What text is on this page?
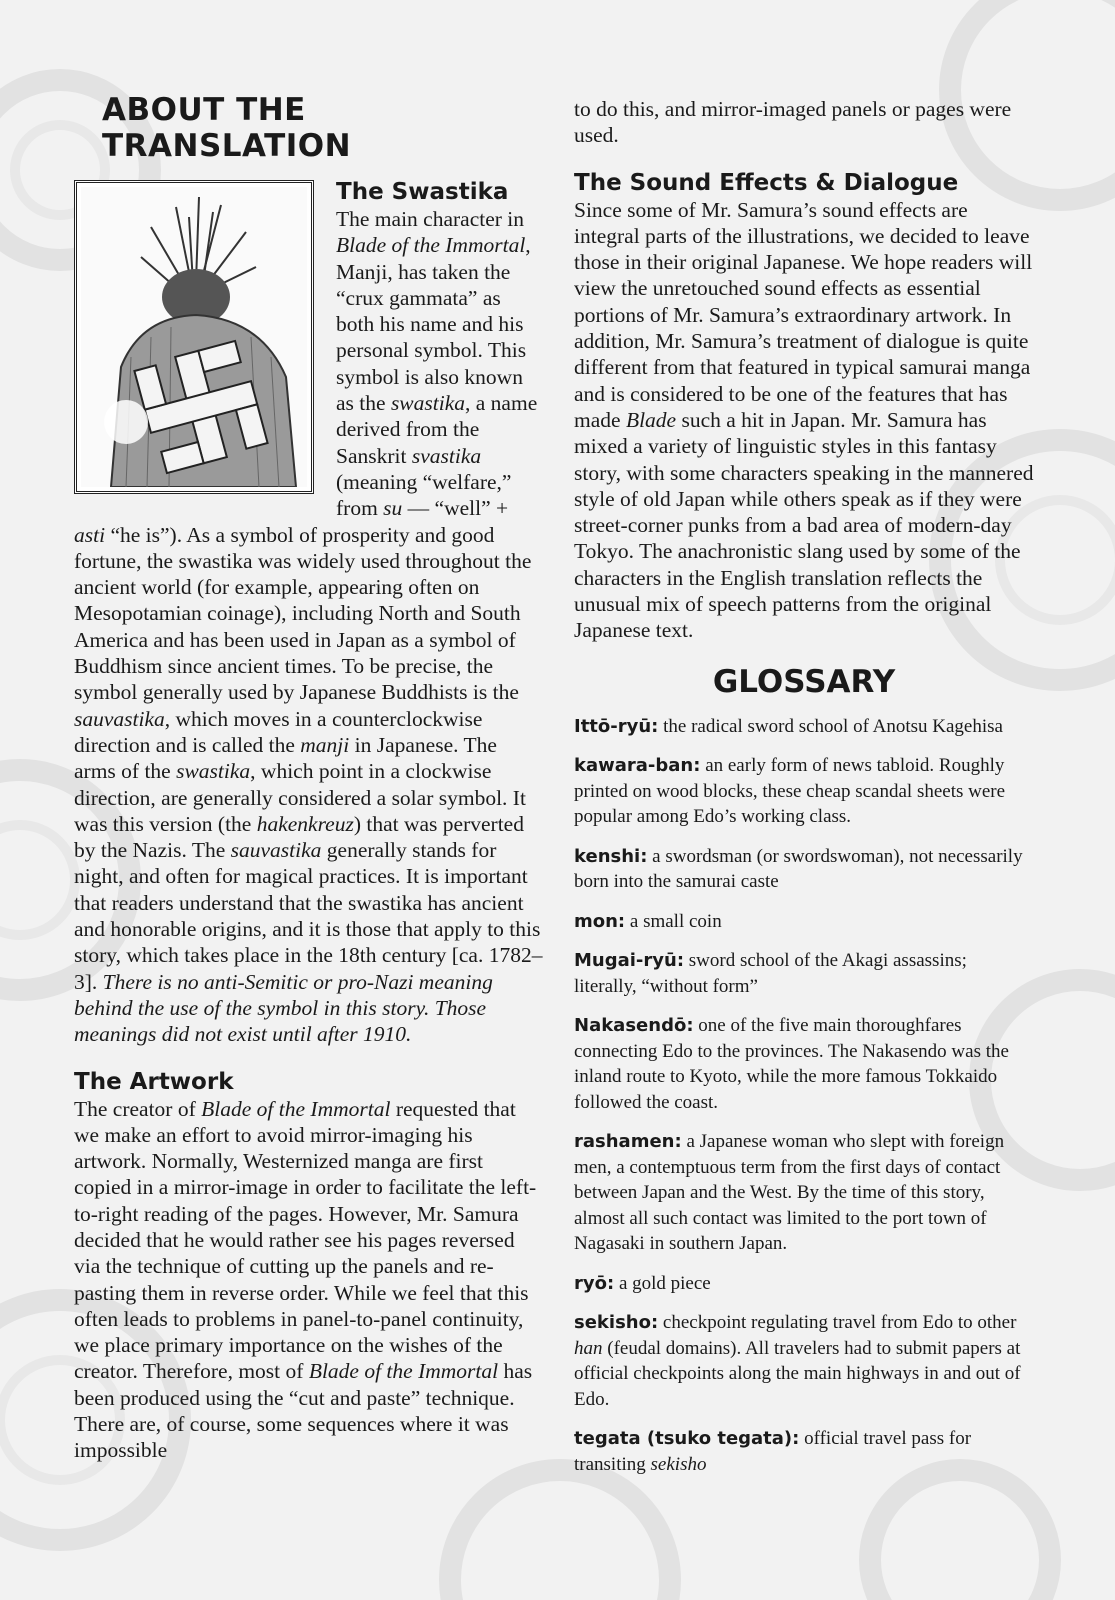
ABOUT THE TRANSLATION
The Swastika

The main character in Blade of the Immortal, Manji, has taken the “crux gammata” as both his name and his personal symbol. This symbol is also known as the swastika, a name derived from the Sanskrit svastika (meaning “welfare,” from su — “well” + asti “he is”). As a symbol of prosperity and good fortune, the swastika was widely used throughout the ancient world (for example, appearing often on Mesopotamian coinage), including North and South America and has been used in Japan as a symbol of Buddhism since ancient times. To be precise, the symbol generally used by Japanese Buddhists is the sauvastika, which moves in a counterclockwise direction and is called the manji in Japanese. The arms of the swastika, which point in a clockwise direction, are generally considered a solar symbol. It was this version (the hakenkreuz) that was perverted by the Nazis. The sauvastika generally stands for night, and often for magical practices. It is important that readers understand that the swastika has ancient and honorable origins, and it is those that apply to this story, which takes place in the 18th century [ca. 1782–3]. There is no anti-Semitic or pro-Nazi meaning behind the use of the symbol in this story. Those meanings did not exist until after 1910.

The Artwork

The creator of Blade of the Immortal requested that we make an effort to avoid mirror-imaging his artwork. Normally, Westernized manga are first copied in a mirror-image in order to facilitate the left-to-right reading of the pages. However, Mr. Samura decided that he would rather see his pages reversed via the technique of cutting up the panels and re-pasting them in reverse order. While we feel that this often leads to problems in panel-to-panel continuity, we place primary importance on the wishes of the creator. Therefore, most of Blade of the Immortal has been produced using the “cut and paste” technique. There are, of course, some sequences where it was impossible

to do this, and mirror-imaged panels or pages were used.

The Sound Effects & Dialogue

Since some of Mr. Samura’s sound effects are integral parts of the illustrations, we decided to leave those in their original Japanese. We hope readers will view the unretouched sound effects as essential portions of Mr. Samura’s extraordinary artwork. In addition, Mr. Samura’s treatment of dialogue is quite different from that featured in typical samurai manga and is considered to be one of the features that has made Blade such a hit in Japan. Mr. Samura has mixed a variety of linguistic styles in this fantasy story, with some characters speaking in the mannered style of old Japan while others speak as if they were street-corner punks from a bad area of modern-day Tokyo. The anachronistic slang used by some of the characters in the English translation reflects the unusual mix of speech patterns from the original Japanese text.

GLOSSARY

Ittō-ryū: the radical sword school of Anotsu Kagehisa

kawara-ban: an early form of news tabloid. Roughly printed on wood blocks, these cheap scandal sheets were popular among Edo’s working class.

kenshi: a swordsman (or swordswoman), not necessarily born into the samurai caste

mon: a small coin

Mugai-ryū: sword school of the Akagi assassins; literally, “without form”

Nakasendō: one of the five main thoroughfares connecting Edo to the provinces. The Nakasendo was the inland route to Kyoto, while the more famous Tokkaido followed the coast.

rashamen: a Japanese woman who slept with foreign men, a contemptuous term from the first days of contact between Japan and the West. By the time of this story, almost all such contact was limited to the port town of Nagasaki in southern Japan.

ryō: a gold piece

sekisho: checkpoint regulating travel from Edo to other han (feudal domains). All travelers had to submit papers at official checkpoints along the main highways in and out of Edo.

tegata (tsuko tegata): official travel pass for transiting sekisho
